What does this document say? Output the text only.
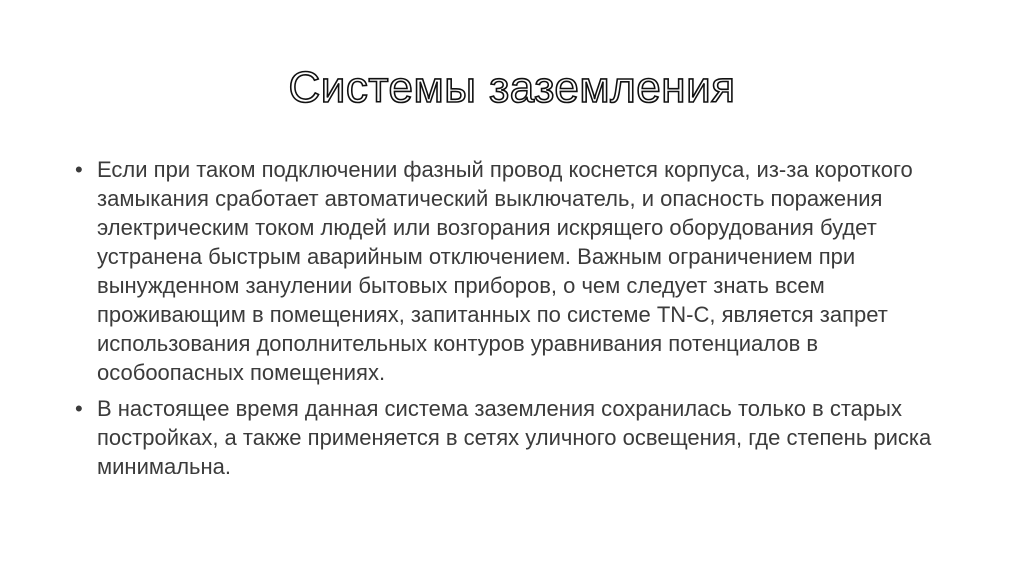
Системы заземления
• Если при таком подключении фазный провод коснется корпуса, из-за короткого замыкания сработает автоматический выключатель, и опасность поражения электрическим током людей или возгорания искрящего оборудования будет устранена быстрым аварийным отключением. Важным ограничением при вынужденном занулении бытовых приборов, о чем следует знать всем проживающим в помещениях, запитанных по системе TN-C, является запрет использования дополнительных контуров уравнивания потенциалов в особоопасных помещениях.
• В настоящее время данная система заземления сохранилась только в старых постройках, а также применяется в сетях уличного освещения, где степень риска минимальна.
